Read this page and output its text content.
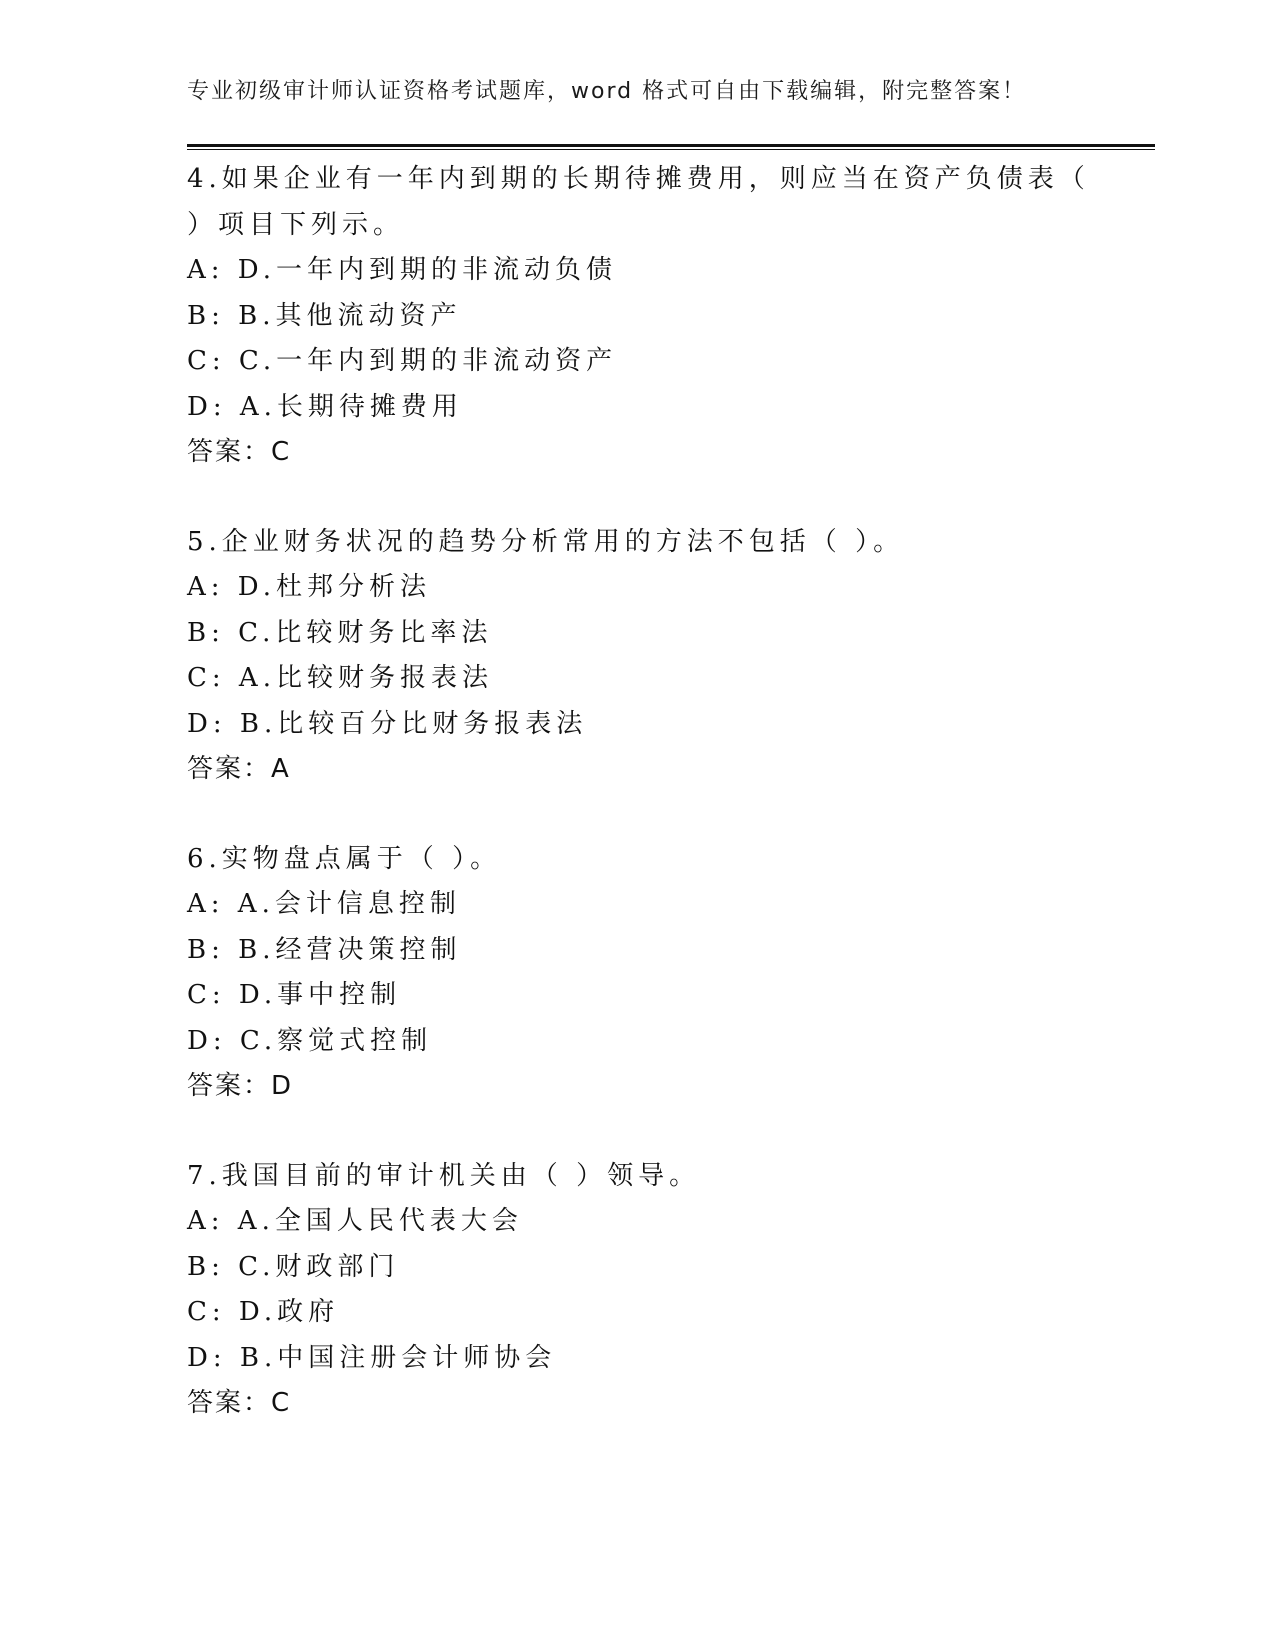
专业初级审计师认证资格考试题库，word 格式可自由下载编辑，附完整答案！
4.如果企业有一年内到期的长期待摊费用，则应当在资产负债表（
）项目下列示。
A: D.一年内到期的非流动负债
B: B.其他流动资产
C: C.一年内到期的非流动资产
D: A.长期待摊费用
答案：C
5.企业财务状况的趋势分析常用的方法不包括（ ）。
A: D.杜邦分析法
B: C.比较财务比率法
C: A.比较财务报表法
D: B.比较百分比财务报表法
答案：A
6.实物盘点属于（ ）。
A: A.会计信息控制
B: B.经营决策控制
C: D.事中控制
D: C.察觉式控制
答案：D
7.我国目前的审计机关由（ ）领导。
A: A.全国人民代表大会
B: C.财政部门
C: D.政府
D: B.中国注册会计师协会
答案：C
